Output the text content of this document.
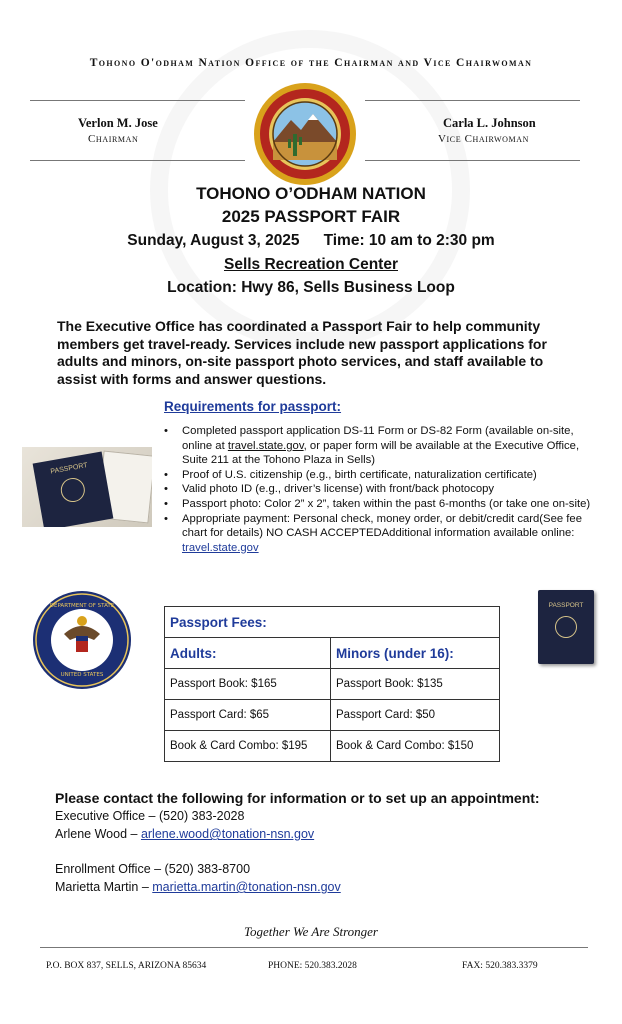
Tohono O'odham Nation Office of the Chairman and Vice Chairwoman
Verlon M. Jose
Chairman
Carla L. Johnson
Vice Chairwoman
TOHONO O’ODHAM NATION
2025 PASSPORT FAIR
Sunday, August 3, 2025 Time: 10 am to 2:30 pm
Sells Recreation Center
Location: Hwy 86, Sells Business Loop
The Executive Office has coordinated a Passport Fair to help community members get travel-ready. Services include new passport applications for adults and minors, on-site passport photo services, and staff available to assist with forms and answer questions.
Requirements for passport:
• Completed passport application DS-11 Form or DS-82 Form (available on-site, online at travel.state.gov, or paper form will be available at the Executive Office, Suite 211 at the Tohono Plaza in Sells)
• Proof of U.S. citizenship (e.g., birth certificate, naturalization certificate)
• Valid photo ID (e.g., driver’s license) with front/back photocopy
• Passport photo: Color 2” x 2”, taken within the past 6-months (or take one on-site)
• Appropriate payment: Personal check, money order, or debit/credit card(See fee chart for details) NO CASH ACCEPTEDAdditional information available online: travel.state.gov
PASSPORT
UNITED STATES
DEPARTMENT OF STATE	PASSPORT
Passport Fees:	
Adults:	Minors (under 16):
Passport Book: $165	Passport Book: $135
Passport Card: $65	Passport Card: $50
Book & Card Combo: $195	Book & Card Combo: $150
Please contact the following for information or to set up an appointment:
Executive Office – (520) 383-2028
Arlene Wood – arlene.wood@tonation-nsn.gov
Enrollment Office – (520) 383-8700
Marietta Martin – marietta.martin@tonation-nsn.gov
Together We Are Stronger
P.O. BOX 837, SELLS, ARIZONA 85634	PHONE: 520.383.2028	FAX: 520.383.3379
